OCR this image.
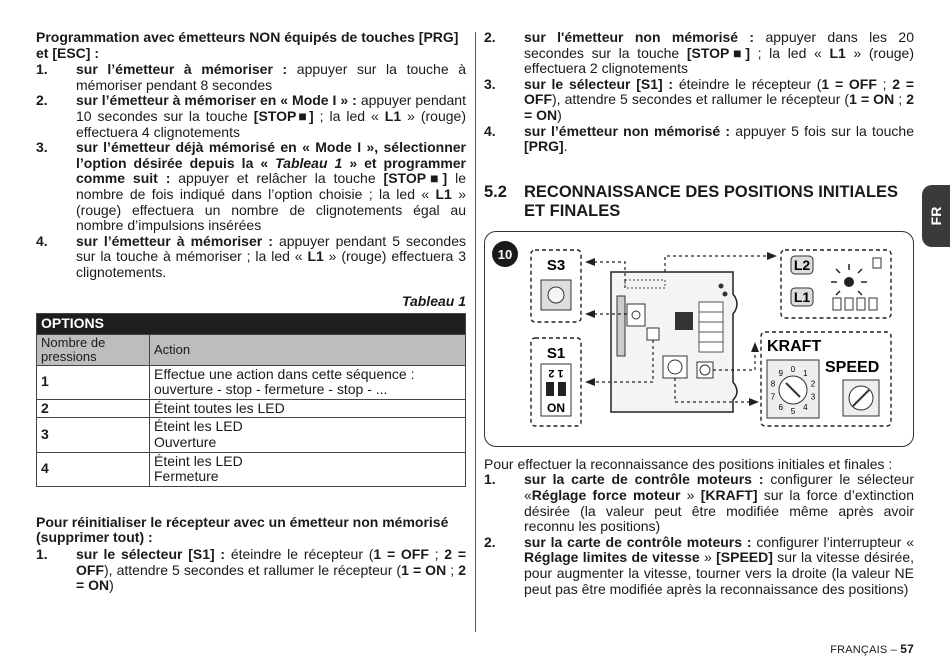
Programmation avec émetteurs NON équipés de touches [PRG] et [ESC] :

1. sur l’émetteur à mémoriser : appuyer sur la touche à mémoriser pendant 8 secondes
2. sur l’émetteur à mémoriser en « Mode I » : appuyer pendant 10 secondes sur la touche [STOP■] ; la led « L1 » (rouge) effectuera 4 clignotements
3. sur l’émetteur déjà mémorisé en « Mode I », sélectionner l’option désirée depuis la « Tableau 1 » et programmer comme suit : appuyer et relâcher la touche [STOP■] le nombre de fois indiqué dans l’option choisie ; la led « L1 » (rouge) effectuera un nombre de clignotements égal au nombre d’impulsions insérées
4. sur l’émetteur à mémoriser : appuyer pendant 5 secondes sur la touche à mémoriser ; la led « L1 » (rouge) effectuera 3 clignotements.
Tableau 1
OPTIONS	
Nombre de pressions	Action
1	Effectue une action dans cette séquence :
ouverture - stop - fermeture - stop - ...

2	Éteint toutes les LED

3	Éteint les LED
Ouverture

4	Éteint les LED
Fermeture

Pour réinitialiser le récepteur avec un émetteur non mémorisé (supprimer tout) :

1. sur le sélecteur [S1] : éteindre le récepteur (1 = OFF ; 2 = OFF), attendre 5 secondes et rallumer le récepteur (1 = ON ; 2 = ON)
2. sur l'émetteur non mémorisé : appuyer dans les 20 secondes sur la touche [STOP■] ; la led « L1 » (rouge) effectuera 2 clignotements
3. sur le sélecteur [S1] : éteindre le récepteur (1 = OFF ; 2 = OFF), attendre 5 secondes et rallumer le récepteur (1 = ON ; 2 = ON)
4. sur l’émetteur non mémorisé : appuyer 5 fois sur la touche [PRG].
5.2 RECONNAISSANCE DES POSITIONS INITIALES ET FINALES
10
S3
S1
1 2
ON
L2
L1
KRAFT
SPEED
0 1
2
3
4
5
6
7
8
9

Pour effectuer la reconnaissance des positions initiales et finales :

1. sur la carte de contrôle moteurs : configurer le sélecteur «Réglage force moteur » [KRAFT] sur la force d’extinction désirée (la valeur peut être modifiée même après avoir reconnu les positions)
2. sur la carte de contrôle moteurs : configurer l’interrupteur « Réglage limites de vitesse » [SPEED] sur la vitesse désirée, pour augmenter la vitesse, tourner vers la droite (la valeur NE peut pas être modifiée après la reconnaissance des positions)
FR
FRANÇAIS – 57
